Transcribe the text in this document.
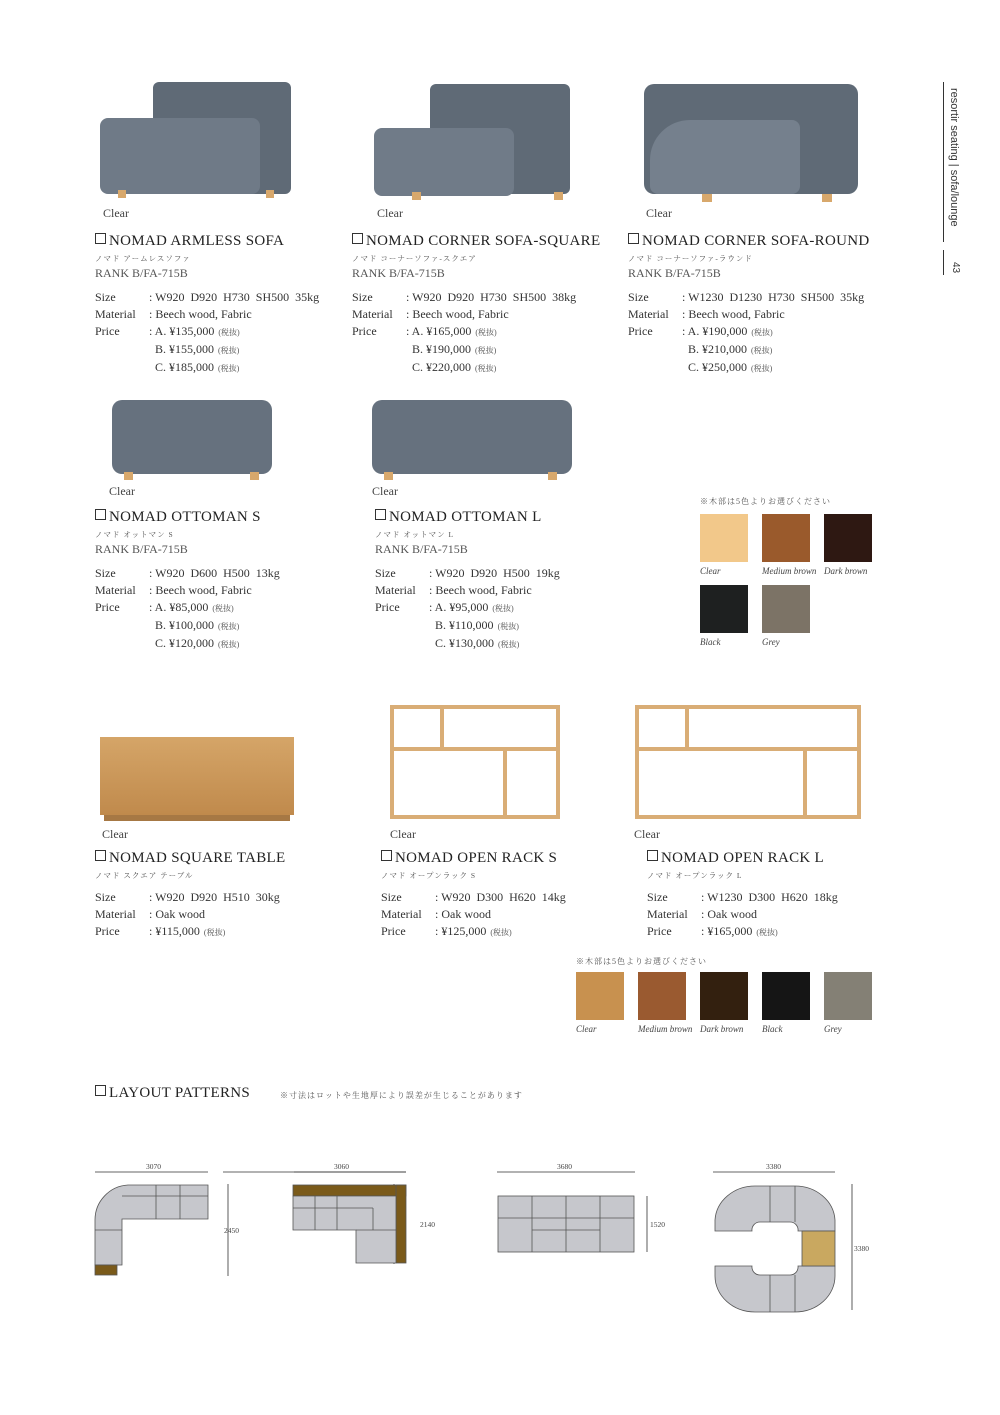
resortir seating | sofa/lounge
43
Clear
NOMAD ARMLESS SOFA
ノマド アームレスソファ
RANK B/FA-715B
Size	: W920  D920  H730  SH500  35kg
Material	: Beech wood, Fabric
Price	: A. ¥135,000 (税抜)
B. ¥155,000 (税抜)
C. ¥185,000 (税抜)
Clear
NOMAD CORNER SOFA-SQUARE
ノマド コーナーソファ-スクエア
RANK B/FA-715B
Size	: W920  D920  H730  SH500  38kg
Material	: Beech wood, Fabric
Price	: A. ¥165,000 (税抜)
B. ¥190,000 (税抜)
C. ¥220,000 (税抜)
Clear
NOMAD CORNER SOFA-ROUND
ノマド コーナーソファ-ラウンド
RANK B/FA-715B
Size	: W1230  D1230  H730  SH500  35kg
Material	: Beech wood, Fabric
Price	: A. ¥190,000 (税抜)
B. ¥210,000 (税抜)
C. ¥250,000 (税抜)
Clear
NOMAD OTTOMAN S
ノマド オットマン S
RANK B/FA-715B
Size	: W920  D600  H500  13kg
Material	: Beech wood, Fabric
Price	: A. ¥85,000 (税抜)
B. ¥100,000 (税抜)
C. ¥120,000 (税抜)
Clear
NOMAD OTTOMAN L
ノマド オットマン L
RANK B/FA-715B
Size	: W920  D920  H500  19kg
Material	: Beech wood, Fabric
Price	: A. ¥95,000 (税抜)
B. ¥110,000 (税抜)
C. ¥130,000 (税抜)
Clear
NOMAD SQUARE TABLE
ノマド スクエア テーブル
Size	: W920  D920  H510  30kg
Material	: Oak wood
Price	: ¥115,000 (税抜)
Clear
NOMAD OPEN RACK S
ノマド オープンラック S
Size	: W920  D300  H620  14kg
Material	: Oak wood
Price	: ¥125,000 (税抜)
Clear
NOMAD OPEN RACK L
ノマド オープンラック L
Size	: W1230  D300  H620  18kg
Material	: Oak wood
Price	: ¥165,000 (税抜)
※木部は5色よりお選びください
Clear	Medium brown Dark brown
Black	Grey
※木部は5色よりお選びください
Clear	Medium brown Dark brown Black	Grey
LAYOUT PATTERNS	※寸法はロットや生地厚により誤差が生じることがあります
3070
2450
3060
2140
3680
1520
3380
3380
